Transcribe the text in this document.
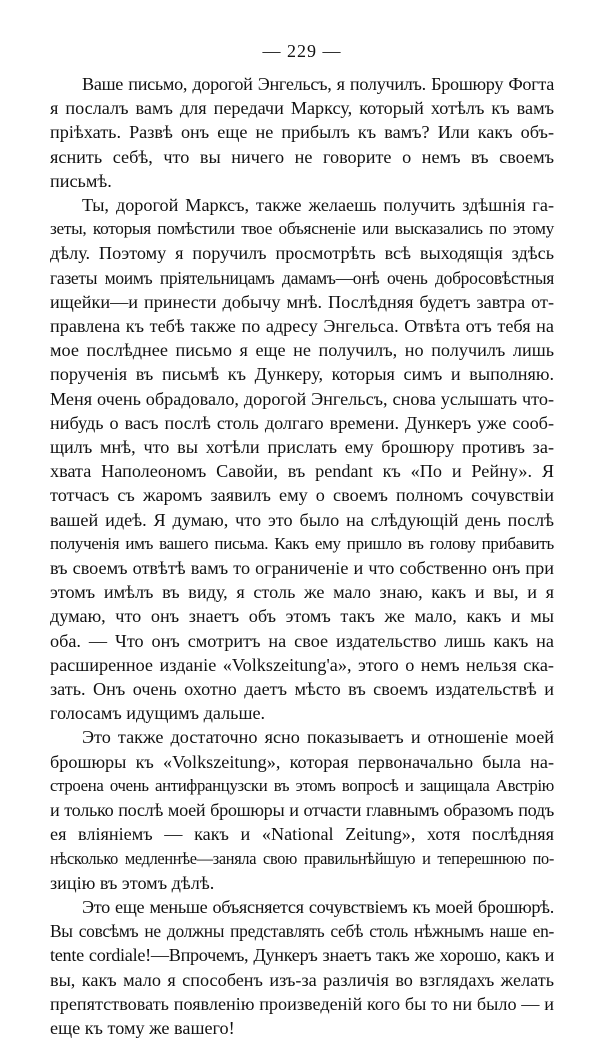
— 229 —
Ваше письмо, дорогой Энгельсъ, я получилъ. Брошюру Фогта
я послалъ вамъ для передачи Марксу, который хотѣлъ къ вамъ
пріѣхать. Развѣ онъ еще не прибылъ къ вамъ? Или какъ объ-
яснить себѣ, что вы ничего не говорите о немъ въ своемъ
письмѣ.
Ты, дорогой Марксъ, также желаешь получить здѣшнія га-
зеты, которыя помѣстили твое объясненіе или высказались по этому
дѣлу. Поэтому я поручилъ просмотрѣть всѣ выходящія здѣсь
газеты моимъ пріятельницамъ дамамъ—онѣ очень добросовѣстныя
ищейки—и принести добычу мнѣ. Послѣдняя будетъ завтра от-
правлена къ тебѣ также по адресу Энгельса. Отвѣта отъ тебя на
мое послѣднее письмо я еще не получилъ, но получилъ лишь
порученія въ письмѣ къ Дункеру, которыя симъ и выполняю.
Меня очень обрадовало, дорогой Энгельсъ, снова услышать что-
нибудь о васъ послѣ столь долгаго времени. Дункеръ уже сооб-
щилъ мнѣ, что вы хотѣли прислать ему брошюру противъ за-
хвата Наполеономъ Савойи, въ pendant къ «По и Рейну». Я
тотчасъ съ жаромъ заявилъ ему о своемъ полномъ сочувствіи
вашей идеѣ. Я думаю, что это было на слѣдующій день послѣ
полученія имъ вашего письма. Какъ ему пришло въ голову прибавить
въ своемъ отвѣтѣ вамъ то ограниченіе и что собственно онъ при
этомъ имѣлъ въ виду, я столь же мало знаю, какъ и вы, и я
думаю, что онъ знаетъ объ этомъ такъ же мало, какъ и мы
оба. — Что онъ смотритъ на свое издательство лишь какъ на
расширенное изданіе «Volkszeitung'a», этого о немъ нельзя ска-
зать. Онъ очень охотно даетъ мѣсто въ своемъ издательствѣ и
голосамъ идущимъ дальше.
Это также достаточно ясно показываетъ и отношеніе моей
брошюры къ «Volkszeitung», которая первоначально была на-
строена очень антифранцузски въ этомъ вопросѣ и защищала Австрію
и только послѣ моей брошюры и отчасти главнымъ образомъ подъ
ея вліяніемъ — какъ и «National Zeitung», хотя послѣдняя
нѣсколько медленнѣе—заняла свою правильнѣйшую и теперешнюю по-
зицію въ этомъ дѣлѣ.
Это еще меньше объясняется сочувствіемъ къ моей брошюрѣ.
Вы совсѣмъ не должны представлять себѣ столь нѣжнымъ наше en-
tente cordiale!—Впрочемъ, Дункеръ знаетъ такъ же хорошо, какъ и
вы, какъ мало я способенъ изъ-за различія во взглядахъ желать
препятствовать появленію произведеній кого бы то ни было — и
еще къ тому же вашего!
